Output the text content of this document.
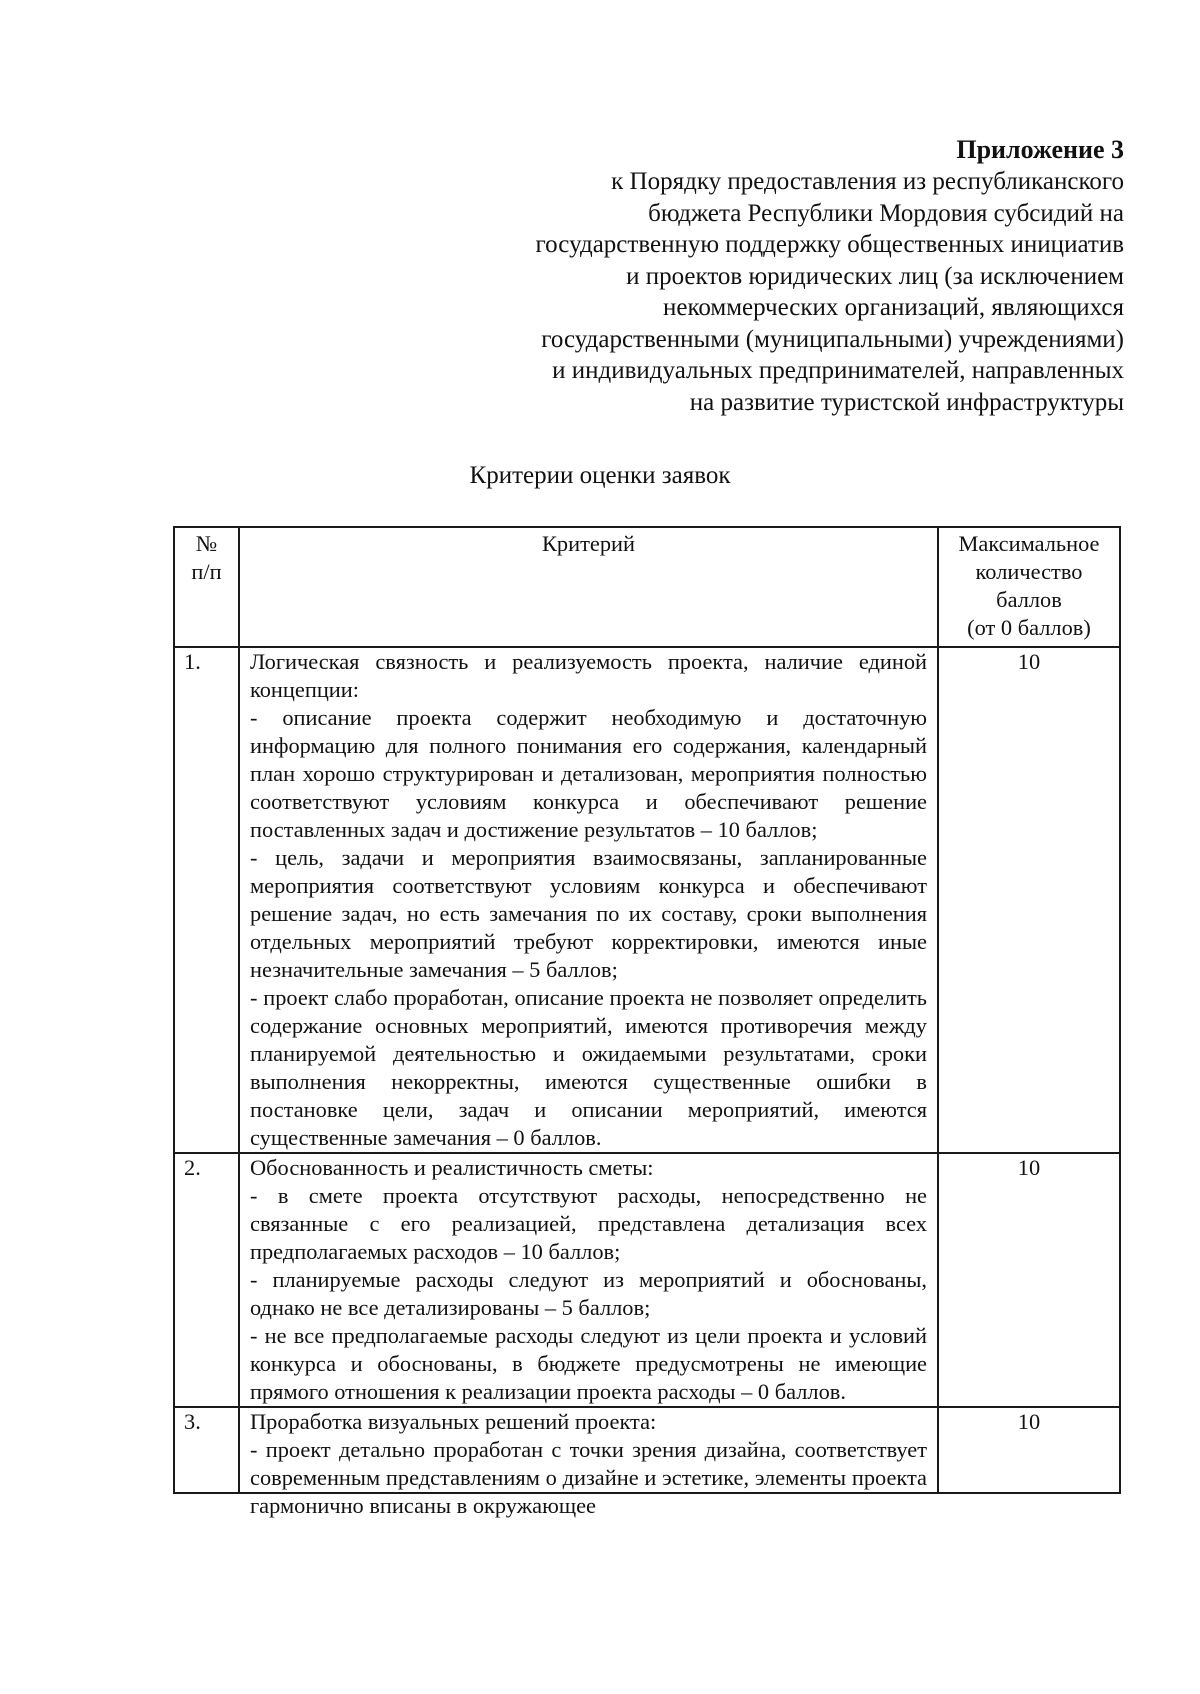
Приложение 3
к Порядку предоставления из республиканского
бюджета Республики Мордовия субсидий на
государственную поддержку общественных инициатив
и проектов юридических лиц (за исключением
некоммерческих организаций, являющихся
государственными (муниципальными) учреждениями)
и индивидуальных предпринимателей, направленных
на развитие туристской инфраструктуры
Критерии оценки заявок
№
п/п	Критерий	Максимальное
количество
баллов
(от 0 баллов)

1.	Логическая связность и реализуемость проекта, наличие единой концепции:

- описание проекта содержит необходимую и достаточную информацию для полного понимания его содержания, календарный план хорошо структурирован и детализован, мероприятия полностью соответствуют условиям конкурса и обеспечивают решение поставленных задач и достижение результатов – 10 баллов;

- цель, задачи и мероприятия взаимосвязаны, запланированные мероприятия соответствуют условиям конкурса и обеспечивают решение задач, но есть замечания по их составу, сроки выполнения отдельных мероприятий требуют корректировки, имеются иные незначительные замечания – 5 баллов;

- проект слабо проработан, описание проекта не позволяет определить содержание основных мероприятий, имеются противоречия между планируемой деятельностью и ожидаемыми результатами, сроки выполнения некорректны, имеются существенные ошибки в постановке цели, задач и описании мероприятий, имеются существенные замечания – 0 баллов.	10
2.	Обоснованность и реалистичность сметы:

- в смете проекта отсутствуют расходы, непосредственно не связанные с его реализацией, представлена детализация всех предполагаемых расходов – 10 баллов;

- планируемые расходы следуют из мероприятий и обоснованы, однако не все детализированы – 5 баллов;

- не все предполагаемые расходы следуют из цели проекта и условий конкурса и обоснованы, в бюджете предусмотрены не имеющие прямого отношения к реализации проекта расходы – 0 баллов.	10
3.	Проработка визуальных решений проекта:

- проект детально проработан с точки зрения дизайна, соответствует современным представлениям о дизайне и эстетике, элементы проекта гармонично вписаны в окружающее	10
